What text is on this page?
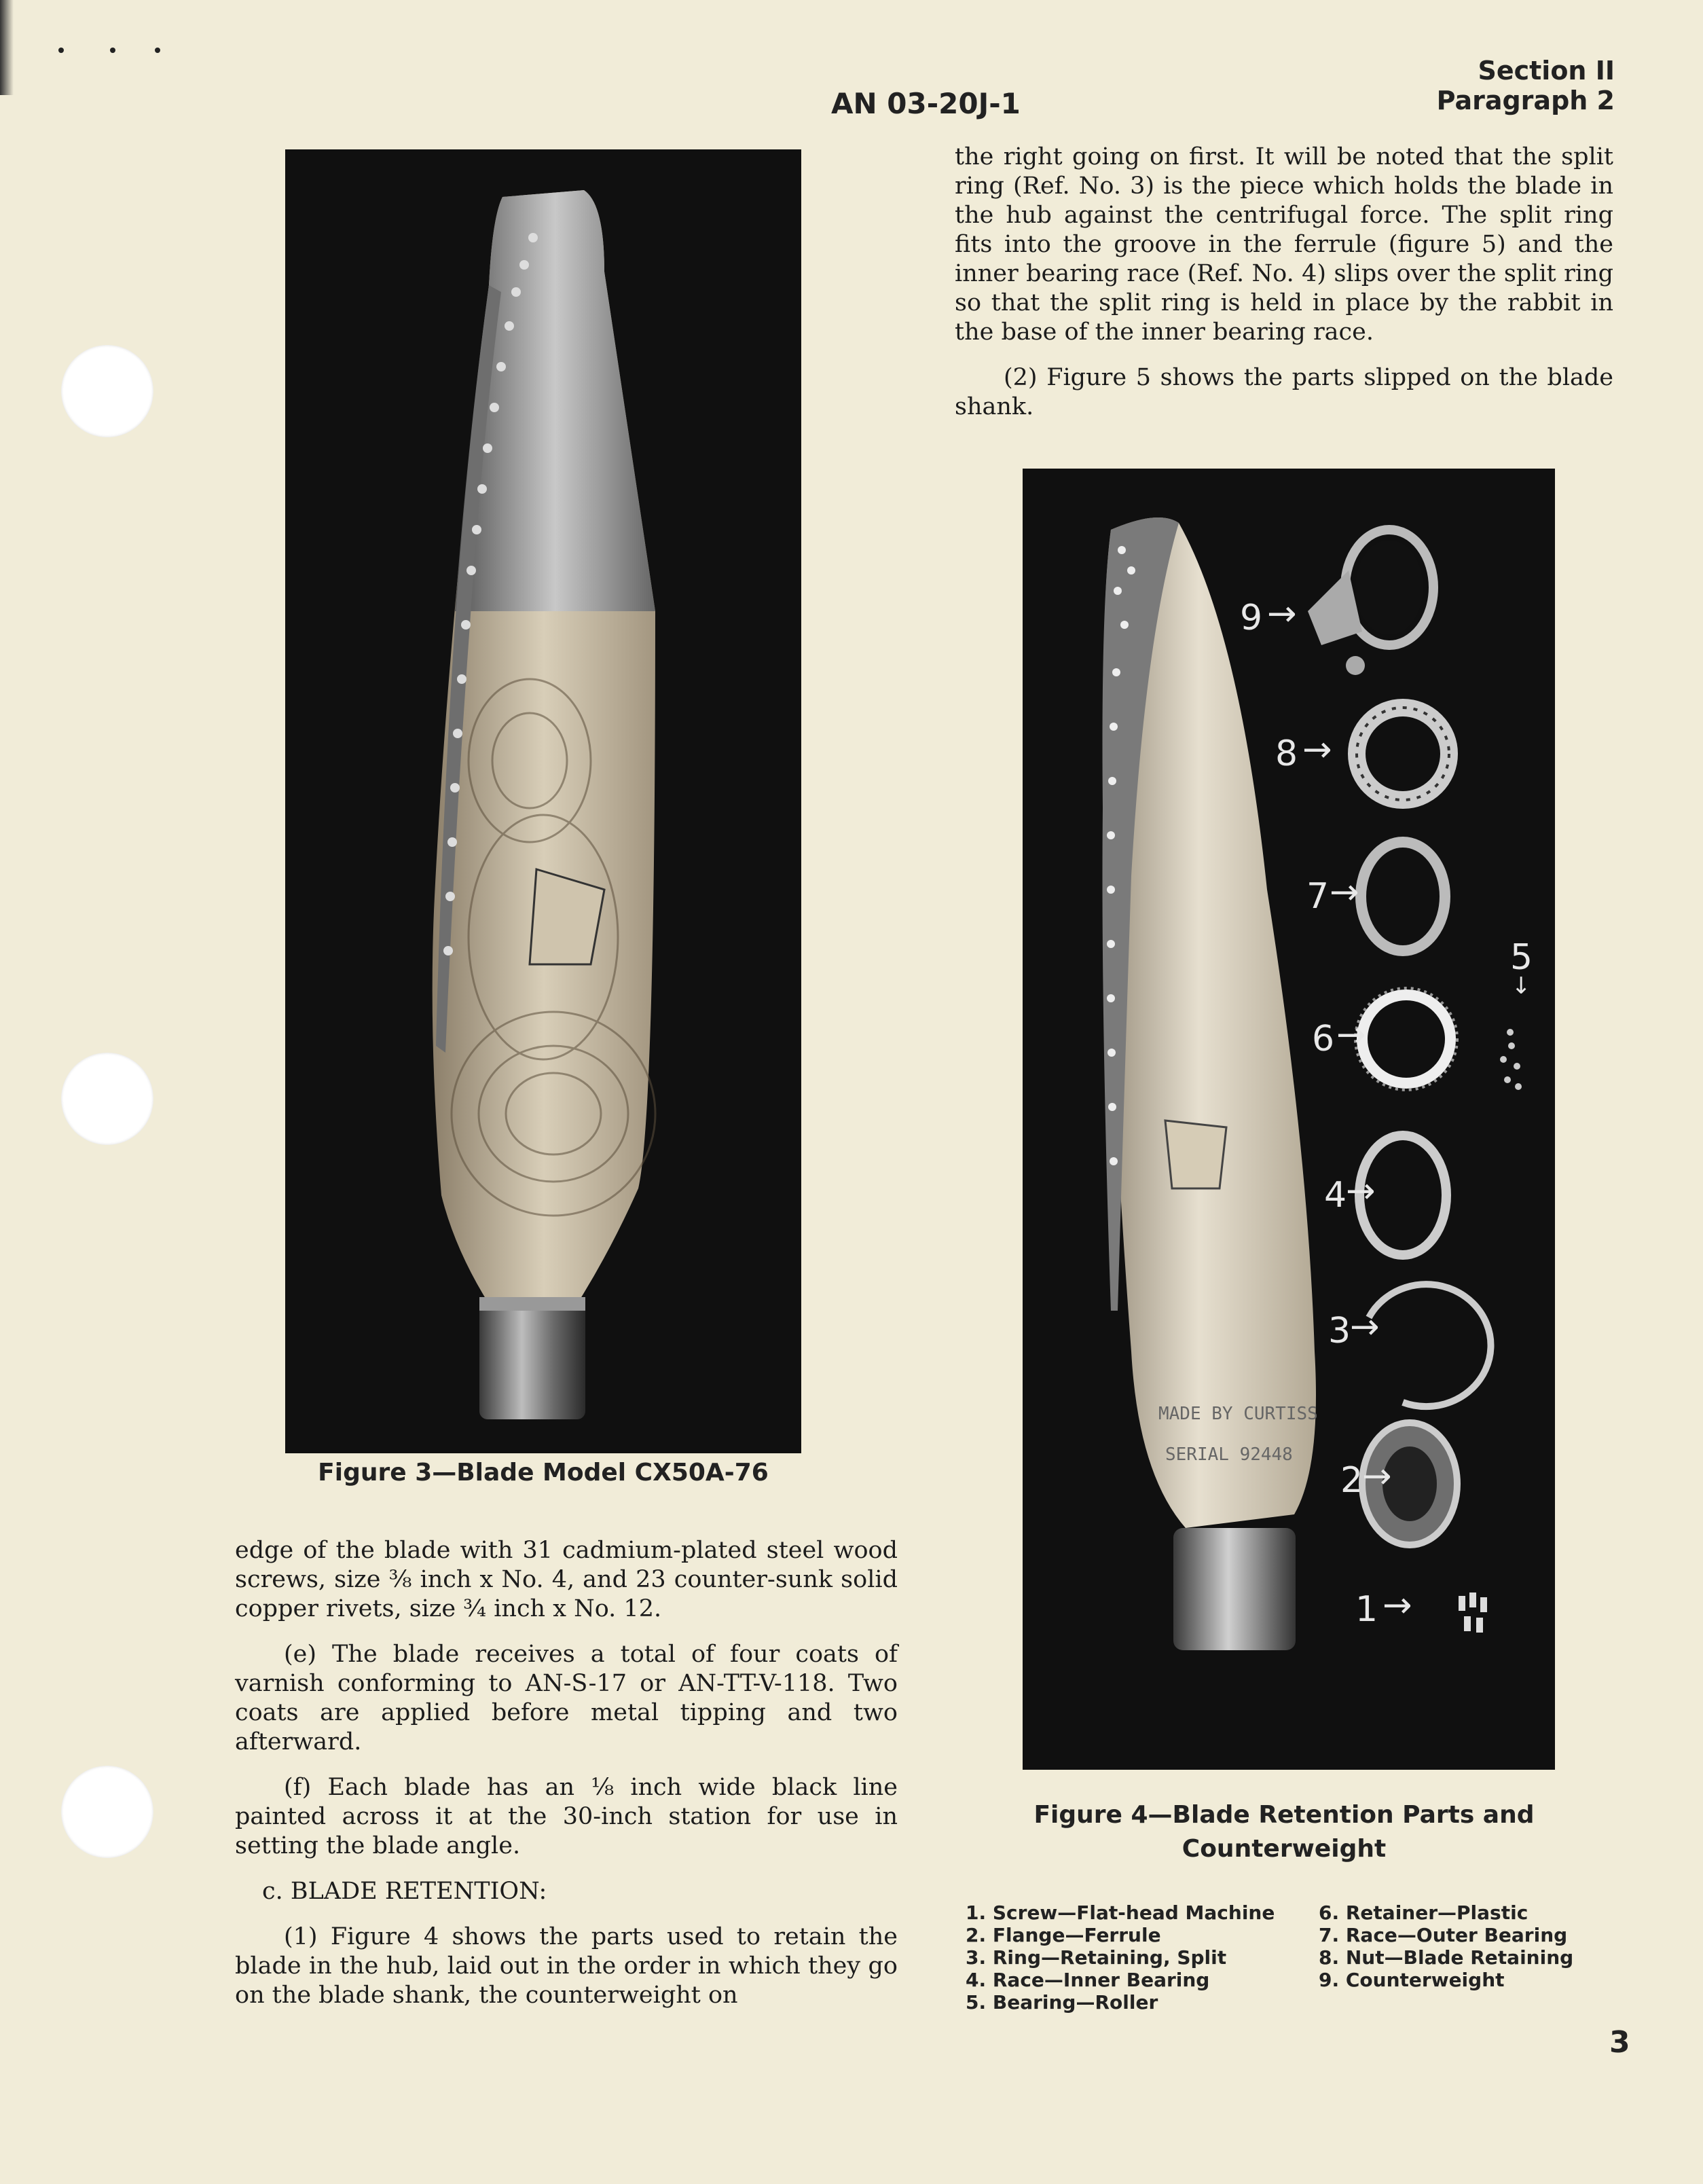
AN 03-20J-1
Section II
Paragraph 2
Figure 3—Blade Model CX50A-76

edge of the blade with 31 cadmium-plated steel wood screws, size ⅜ inch x No. 4, and 23 counter-sunk solid copper rivets, size ¾ inch x No. 12.

(e) The blade receives a total of four coats of varnish conforming to AN-S-17 or AN-TT-V-118. Two coats are applied before metal tipping and two afterward.

(f) Each blade has an ⅛ inch wide black line painted across it at the 30-inch station for use in setting the blade angle.

c. BLADE RETENTION:

(1) Figure 4 shows the parts used to retain the blade in the hub, laid out in the order in which they go on the blade shank, the counterweight on

the right going on first. It will be noted that the split ring (Ref. No. 3) is the piece which holds the blade in the hub against the centrifugal force. The split ring fits into the groove in the ferrule (figure 5) and the inner bearing race (Ref. No. 4) slips over the split ring so that the split ring is held in place by the rabbit in the base of the inner bearing race.

(2) Figure 5 shows the parts slipped on the blade shank.

MADE BY CURTISS
SERIAL 92448
9 →
8 →
7 →
5
↓
6 →
4
→
3
→
2
→
1 →
Figure 4—Blade Retention Parts and
Counterweight
1. Screw—Flat-head Machine
2. Flange—Ferrule
3. Ring—Retaining, Split
4. Race—Inner Bearing
5. Bearing—Roller
6. Retainer—Plastic
7. Race—Outer Bearing
8. Nut—Blade Retaining
9. Counterweight
3
